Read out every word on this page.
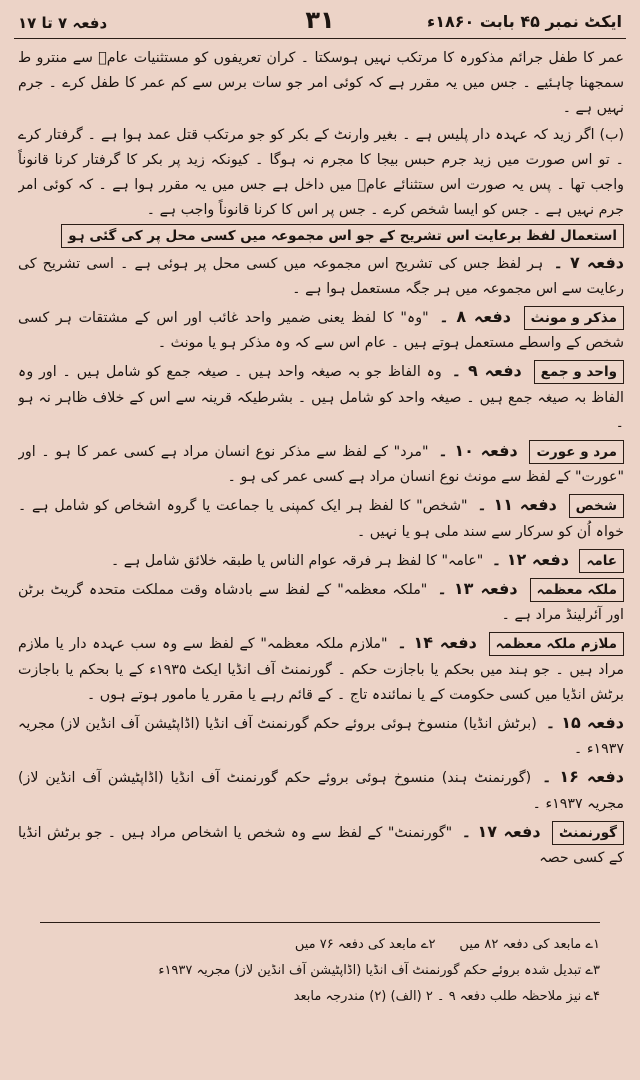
ایکٹ نمبر ۴۵ بابت ۱۸۶۰ء
۳۱
دفعہ ۷ تا ۱۷

عمر کا طفل جرائم مذکورہ کا مرتکب نہیں ہوسکتا ۔ کران تعریفوں کو مستثنیات عامؓ سے منترو ط سمجھنا چاہئیے ۔ جس میں یہ مقرر ہے کہ کوئی امر جو سات برس سے کم عمر کا طفل کرے ۔ جرم نہیں ہے ۔

(ب) اگر زید کہ عہدہ دار پلیس ہے ۔ بغیر وارنٹ کے بکر کو جو مرتکب قتل عمد ہوا ہے ۔ گرفتار کرے ۔ تو اس صورت میں زید جرم حبس بیجا کا مجرم نہ ہوگا ۔ کیونکہ زید پر بکر کا گرفتار کرنا قانوناً واجب تھا ۔ پس یہ صورت اس ستثنائے عامؓ میں داخل ہے جس میں یہ مقرر ہوا ہے ۔ کہ کوئی امر جرم نہیں ہے ۔ جس کو ایسا شخص کرے ۔ جس پر اس کا کرنا قانوناً واجب ہے ۔

استعمال لفظ برعایت اس تشریح کے جو اس مجموعہ میں کسی محل پر کی گئی ہو دفعہ ۷ ۔ ہر لفظ جس کی تشریح اس مجموعہ میں کسی محل پر ہوئی ہے ۔ اسی تشریح کی رعایت سے اس مجموعہ میں ہر جگہ مستعمل ہوا ہے ۔
مذکر و مونث دفعہ ۸ ۔ "وہ" کا لفظ یعنی ضمیر واحد غائب اور اس کے مشتقات ہر کسی شخص کے واسطے مستعمل ہوتے ہیں ۔ عام اس سے کہ وہ مذکر ہو یا مونث ۔
واحد و جمع دفعہ ۹ ۔ وہ الفاظ جو بہ صیغہ واحد ہیں ۔ صیغہ جمع کو شامل ہیں ۔ اور وہ الفاظ بہ صیغہ جمع ہیں ۔ صیغہ واحد کو شامل ہیں ۔ بشرطیکہ قرینہ سے اس کے خلاف ظاہر نہ ہو ۔
مرد و عورت دفعہ ۱۰ ۔ "مرد" کے لفظ سے مذکر نوع انسان مراد ہے کسی عمر کا ہو ۔ اور "عورت" کے لفظ سے مونث نوع انسان مراد ہے کسی عمر کی ہو ۔
شخص دفعہ ۱۱ ۔ "شخص" کا لفظ ہر ایک کمپنی یا جماعت یا گروہ اشخاص کو شامل ہے ۔ خواہ اُن کو سرکار سے سند ملی ہو یا نہیں ۔
عامہ دفعہ ۱۲ ۔ "عامہ" کا لفظ ہر فرقہ عوام الناس یا طبقہ خلائق شامل ہے ۔
ملکہ معظمہ دفعہ ۱۳ ۔ "ملکہ معظمہ" کے لفظ سے بادشاہ وقت مملکت متحدہ گریٹ برٹن اور آئرلینڈ مراد ہے ۔
ملازم ملکہ معظمہ دفعہ ۱۴ ۔ "ملازم ملکہ معظمہ" کے لفظ سے وہ سب عہدہ دار یا ملازم مراد ہیں ۔ جو ہند میں بحکم یا باجازت حکم ۔ گورنمنٹ آف انڈیا ایکٹ ۱۹۳۵ء کے یا بحکم یا باجازت برٹش انڈیا میں کسی حکومت کے یا نمائندہ تاج ۔ کے قائم رہے یا مقرر یا مامور ہوتے ہوں ۔
دفعہ ۱۵ ۔ (برٹش انڈیا) منسوخ ہوئی بروئے حکم گورنمنٹ آف انڈیا (اڈاپٹیشن آف انڈین لاز) مجریہ ۱۹۳۷ء ۔
دفعہ ۱۶ ۔ (گورنمنٹ ہند) منسوخ ہوئی بروئے حکم گورنمنٹ آف انڈیا (اڈاپٹیشن آف انڈین لاز) مجریہ ۱۹۳۷ء ۔
گورنمنٹ دفعہ ۱۷ ۔ "گورنمنٹ" کے لفظ سے وہ شخص یا اشخاص مراد ہیں ۔ جو برٹش انڈیا کے کسی حصہ

۱ے مابعد کی دفعہ ۸۲ میں

۲ے مابعد کی دفعہ ۷۶ میں

۳ے تبدیل شدہ بروئے حکم گورنمنٹ آف انڈیا (اڈاپٹیشن آف انڈین لاز) مجریہ ۱۹۳۷ء

۴ے نیز ملاحظہ طلب دفعہ ۹ ۔ ۲ (الف) (۲) مندرجہ مابعد
